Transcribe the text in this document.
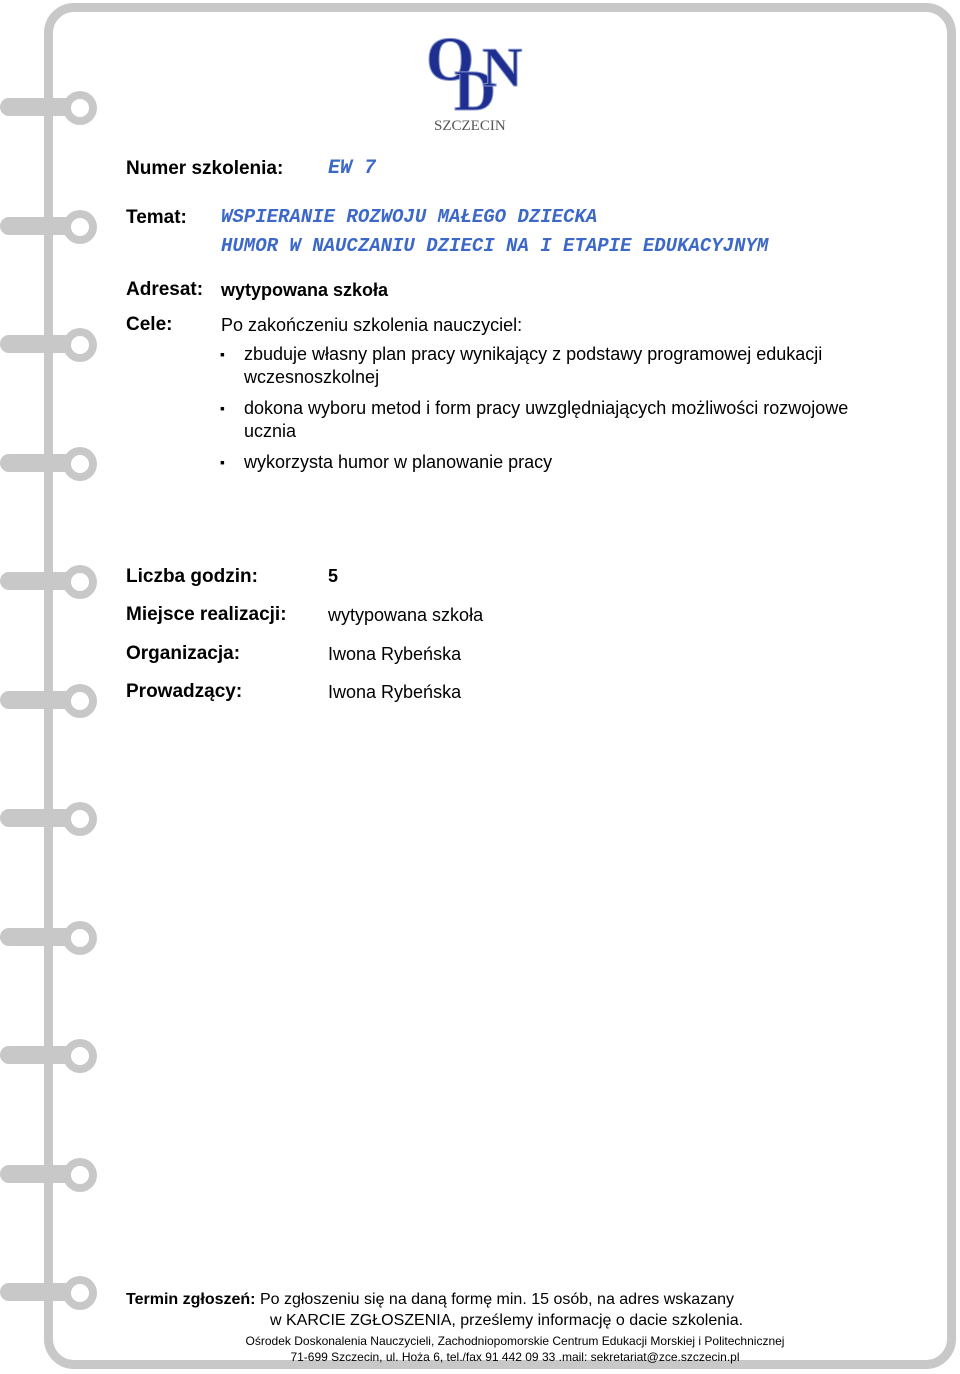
O
D
N
SZCZECIN
Numer szkolenia: EW 7
Temat: WSPIERANIE ROZWOJU MAŁEGO DZIECKA
HUMOR W NAUCZANIU DZIECI NA I ETAPIE EDUKACYJNYM
Adresat: wytypowana szkoła
Cele:	Po zakończeniu szkolenia nauczyciel:
▪ zbuduje własny plan pracy wynikający z podstawy programowej edukacji
wczesnoszkolnej
▪ dokona wyboru metod i form pracy uwzględniających możliwości rozwojowe
ucznia
▪ wykorzysta humor w planowanie pracy
Liczba godzin:	5
Miejsce realizacji: wytypowana szkoła
Organizacja:	Iwona Rybeńska
Prowadzący:	Iwona Rybeńska
Termin zgłoszeń: Po zgłoszeniu się na daną formę min. 15 osób, na adres wskazany
w KARCIE ZGŁOSZENIA, prześlemy informację o dacie szkolenia.
Ośrodek Doskonalenia Nauczycieli, Zachodniopomorskie Centrum Edukacji Morskiej i Politechnicznej
71-699 Szczecin, ul. Hoża 6, tel./fax 91 442 09 33 .mail: sekretariat@zce.szczecin.pl
